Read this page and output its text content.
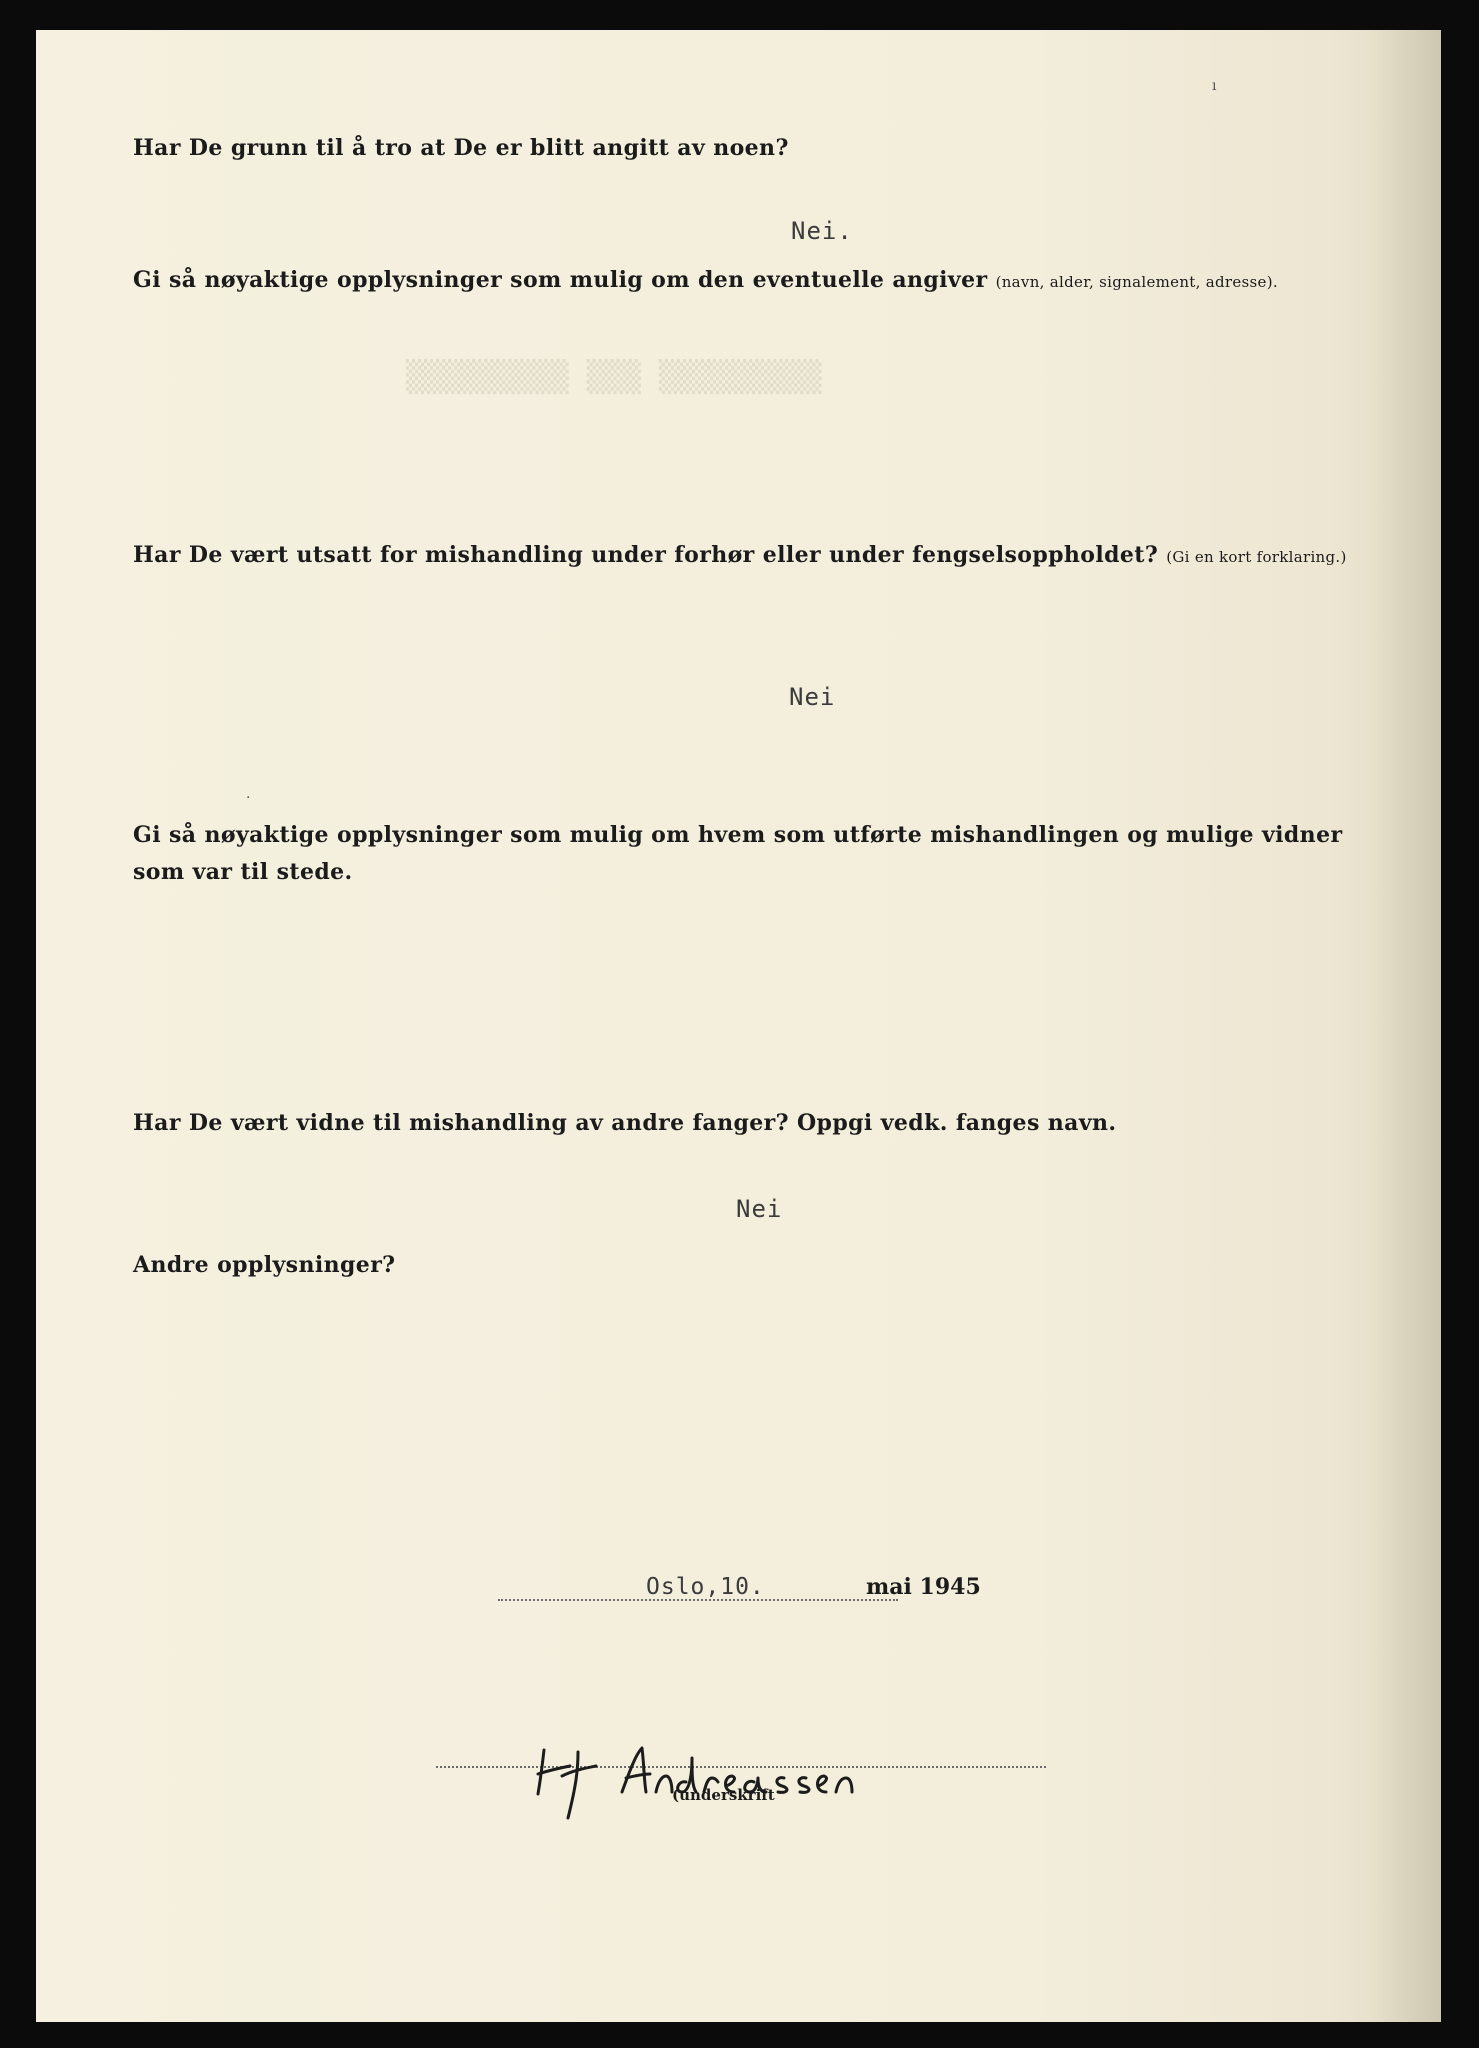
▒▒▒▒▒▒▒▒▒ ▒▒▒ ▒▒▒▒▒▒▒▒▒
ı
Har De grunn til å tro at De er blitt angitt av noen?
Nei.
Gi så nøyaktige opplysninger som mulig om den eventuelle angiver (navn, alder, signalement, adresse).
Har De vært utsatt for mishandling under forhør eller under fengselsoppholdet? (Gi en kort forklaring.)
Nei
·
Gi så nøyaktige opplysninger som mulig om hvem som utførte mishandlingen og mulige vidner som var til stede.
Har De vært vidne til mishandling av andre fanger? Oppgi vedk. fanges navn.
Nei
Andre opplysninger?
Oslo,10.	mai 1945
(underskrift
